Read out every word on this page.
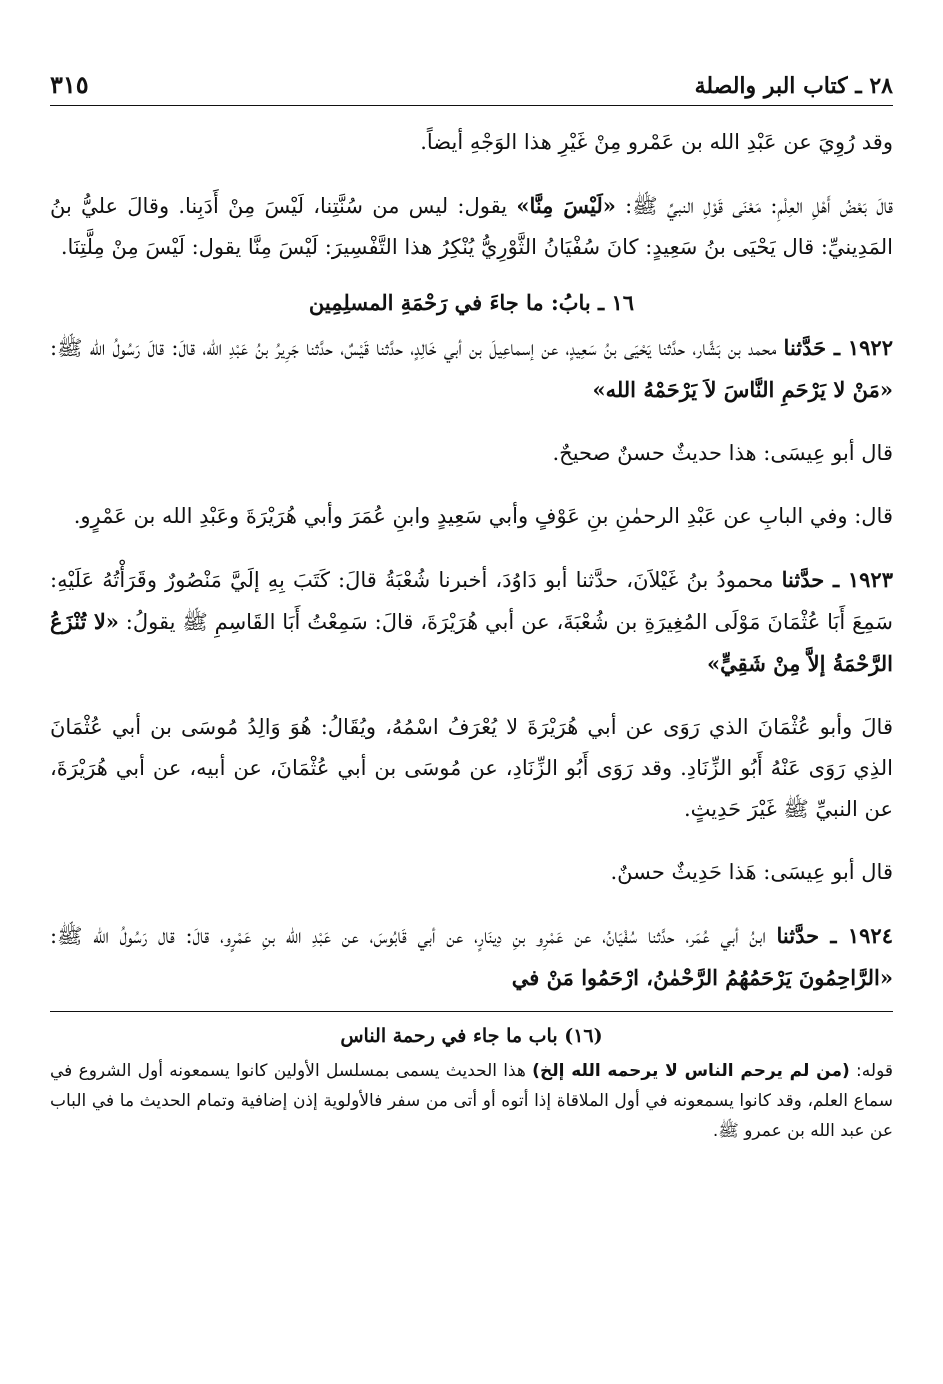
٢٨ ـ كتاب البر والصلة
٣١٥

وقد رُوِيَ عن عَبْدِ الله بن عَمْرو مِنْ غَيْرِ هذا الوَجْهِ أيضاً.

قالَ بَعْضُ أَهْلِ العِلْمِ: مَعْنَى قَوْلِ النبيِّ ﷺ: «لَيْسَ مِنَّا» يقول: ليس من سُنَّتِنا، لَيْسَ مِنْ أَدَبِنا. وقالَ عليُّ بنُ المَدِينيِّ: قال يَحْيَى بنُ سَعِيدٍ: كانَ سُفْيَانُ الثَّوْرِيُّ يُنْكِرُ هذا التَّفْسِيرَ: لَيْسَ مِنَّا يقول: لَيْسَ مِنْ مِلَّتِنَا.

١٦ ـ بابُ: ما جاءَ في رَحْمَةِ المسلِمِين

١٩٢٢ ـ حَدَّثنا محمد بن بَشَّار، حدَّثنا يَحْيَى بنُ سَعِيدٍ، عن إسماعِيلَ بن أبي خَالِدٍ، حدَّثنا قَيْسٌ، حدَّثنا جَرِيرُ بنُ عَبْدِ الله، قالَ: قالَ رَسُولُ الله ﷺ: «مَنْ لا يَرْحَمِ النَّاسَ لاَ يَرْحَمْهُ الله»

قال أبو عِيسَى: هذا حديثٌ حسنٌ صحيحٌ.

قال: وفي البابِ عن عَبْدِ الرحمٰنِ بنِ عَوْفٍ وأبي سَعِيدٍ وابنِ عُمَرَ وأبي هُرَيْرَةَ وعَبْدِ الله بن عَمْرٍو.

١٩٢٣ ـ حدَّثنا محمودُ بنُ غَيْلاَنَ، حدَّثنا أبو دَاوُدَ، أخبرنا شُعْبَةُ قالَ: كَتَبَ بِهِ إلَيَّ مَنْصُورٌ وقَرَأْتُهُ عَلَيْهِ: سَمِعَ أَبَا عُثْمَانَ مَوْلَى المُغِيرَةِ بن شُعْبَةَ، عن أبي هُرَيْرَةَ، قالَ: سَمِعْتُ أَبَا القَاسِمِ ﷺ يقولُ: «لا تُنْزَعُ الرَّحْمَةُ إلاَّ مِنْ شَقِيٍّ»

قالَ وأبو عُثْمَانَ الذي رَوَى عن أبي هُرَيْرَةَ لا يُعْرَفُ اسْمُهُ، ويُقَالُ: هُوَ وَالِدُ مُوسَى بن أبي عُثْمَانَ الذِي رَوَى عَنْهُ أَبُو الزِّنَادِ. وقد رَوَى أَبُو الزِّنَادِ، عن مُوسَى بن أبي عُثْمَانَ، عن أبيه، عن أبي هُرَيْرَةَ، عن النبيِّ ﷺ غَيْرَ حَدِيثٍ.

قال أبو عِيسَى: هَذا حَدِيثٌ حسنٌ.

١٩٢٤ ـ حدَّثنا ابنُ أبي عُمَر، حدَّثنا سُفْيَانُ، عن عَمْرِو بنِ دِينَارٍ، عن أبي قَابُوسَ، عن عَبْدِ الله بنِ عَمْرٍو، قالَ: قال رَسُولُ الله ﷺ: «الرَّاحِمُونَ يَرْحَمُهُمُ الرَّحْمٰنُ، ارْحَمُوا مَنْ في

(١٦) باب ما جاء في رحمة الناس

قوله: (من لم يرحم الناس لا يرحمه الله إلخ) هذا الحديث يسمى بمسلسل الأولين كانوا يسمعونه أول الشروع في سماع العلم، وقد كانوا يسمعونه في أول الملاقاة إذا أتوه أو أتى من سفر فالأولوية إذن إضافية وتمام الحديث ما في الباب عن عبد الله بن عمرو ﷺ.
